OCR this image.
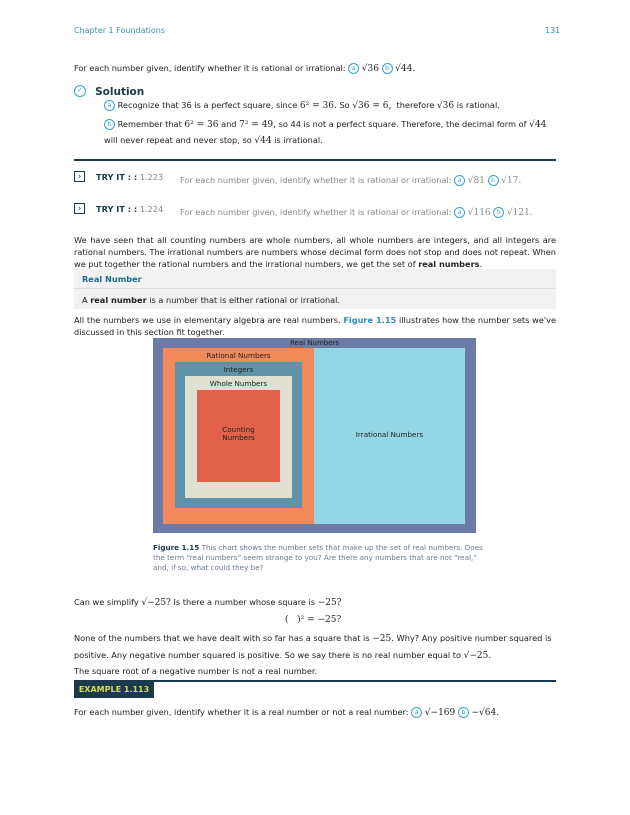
Chapter 1 Foundations	131
For each number given, identify whether it is rational or irrational: a √36 b √44.
✓ Solution
a Recognize that 36 is a perfect square, since 6² = 36. So √36 = 6, therefore √36 is rational.
b Remember that 6² = 36 and 7² = 49, so 44 is not a perfect square. Therefore, the decimal form of √44
will never repeat and never stop, so √44 is irrational.
›	TRY IT : : 1.223 For each number given, identify whether it is rational or irrational: a √81 b √17.
›	TRY IT : : 1.224 For each number given, identify whether it is rational or irrational: a √116 b √121.
We have seen that all counting numbers are whole numbers, all whole numbers are integers, and all integers are rational numbers. The irrational numbers are numbers whose decimal form does not stop and does not repeat. When we put together the rational numbers and the irrational numbers, we get the set of real numbers.
Real Number
A real number is a number that is either rational or irrational.
All the numbers we use in elementary algebra are real numbers. Figure 1.15 illustrates how the number sets we've discussed in this section fit together.
Real Numbers
Irrational Numbers
Rational Numbers
Integers
Whole Numbers
Counting Numbers
Figure 1.15 This chart shows the number sets that make up the set of real numbers. Does the term “real numbers” seem strange to you? Are there any numbers that are not “real,” and, if so, what could they be?
Can we simplify √−25? Is there a number whose square is −25?
(   )² = −25?
None of the numbers that we have dealt with so far has a square that is −25. Why? Any positive number squared is
positive. Any negative number squared is positive. So we say there is no real number equal to √−25.
The square root of a negative number is not a real number.
EXAMPLE 1.113
For each number given, identify whether it is a real number or not a real number: a √−169 b −√64.
